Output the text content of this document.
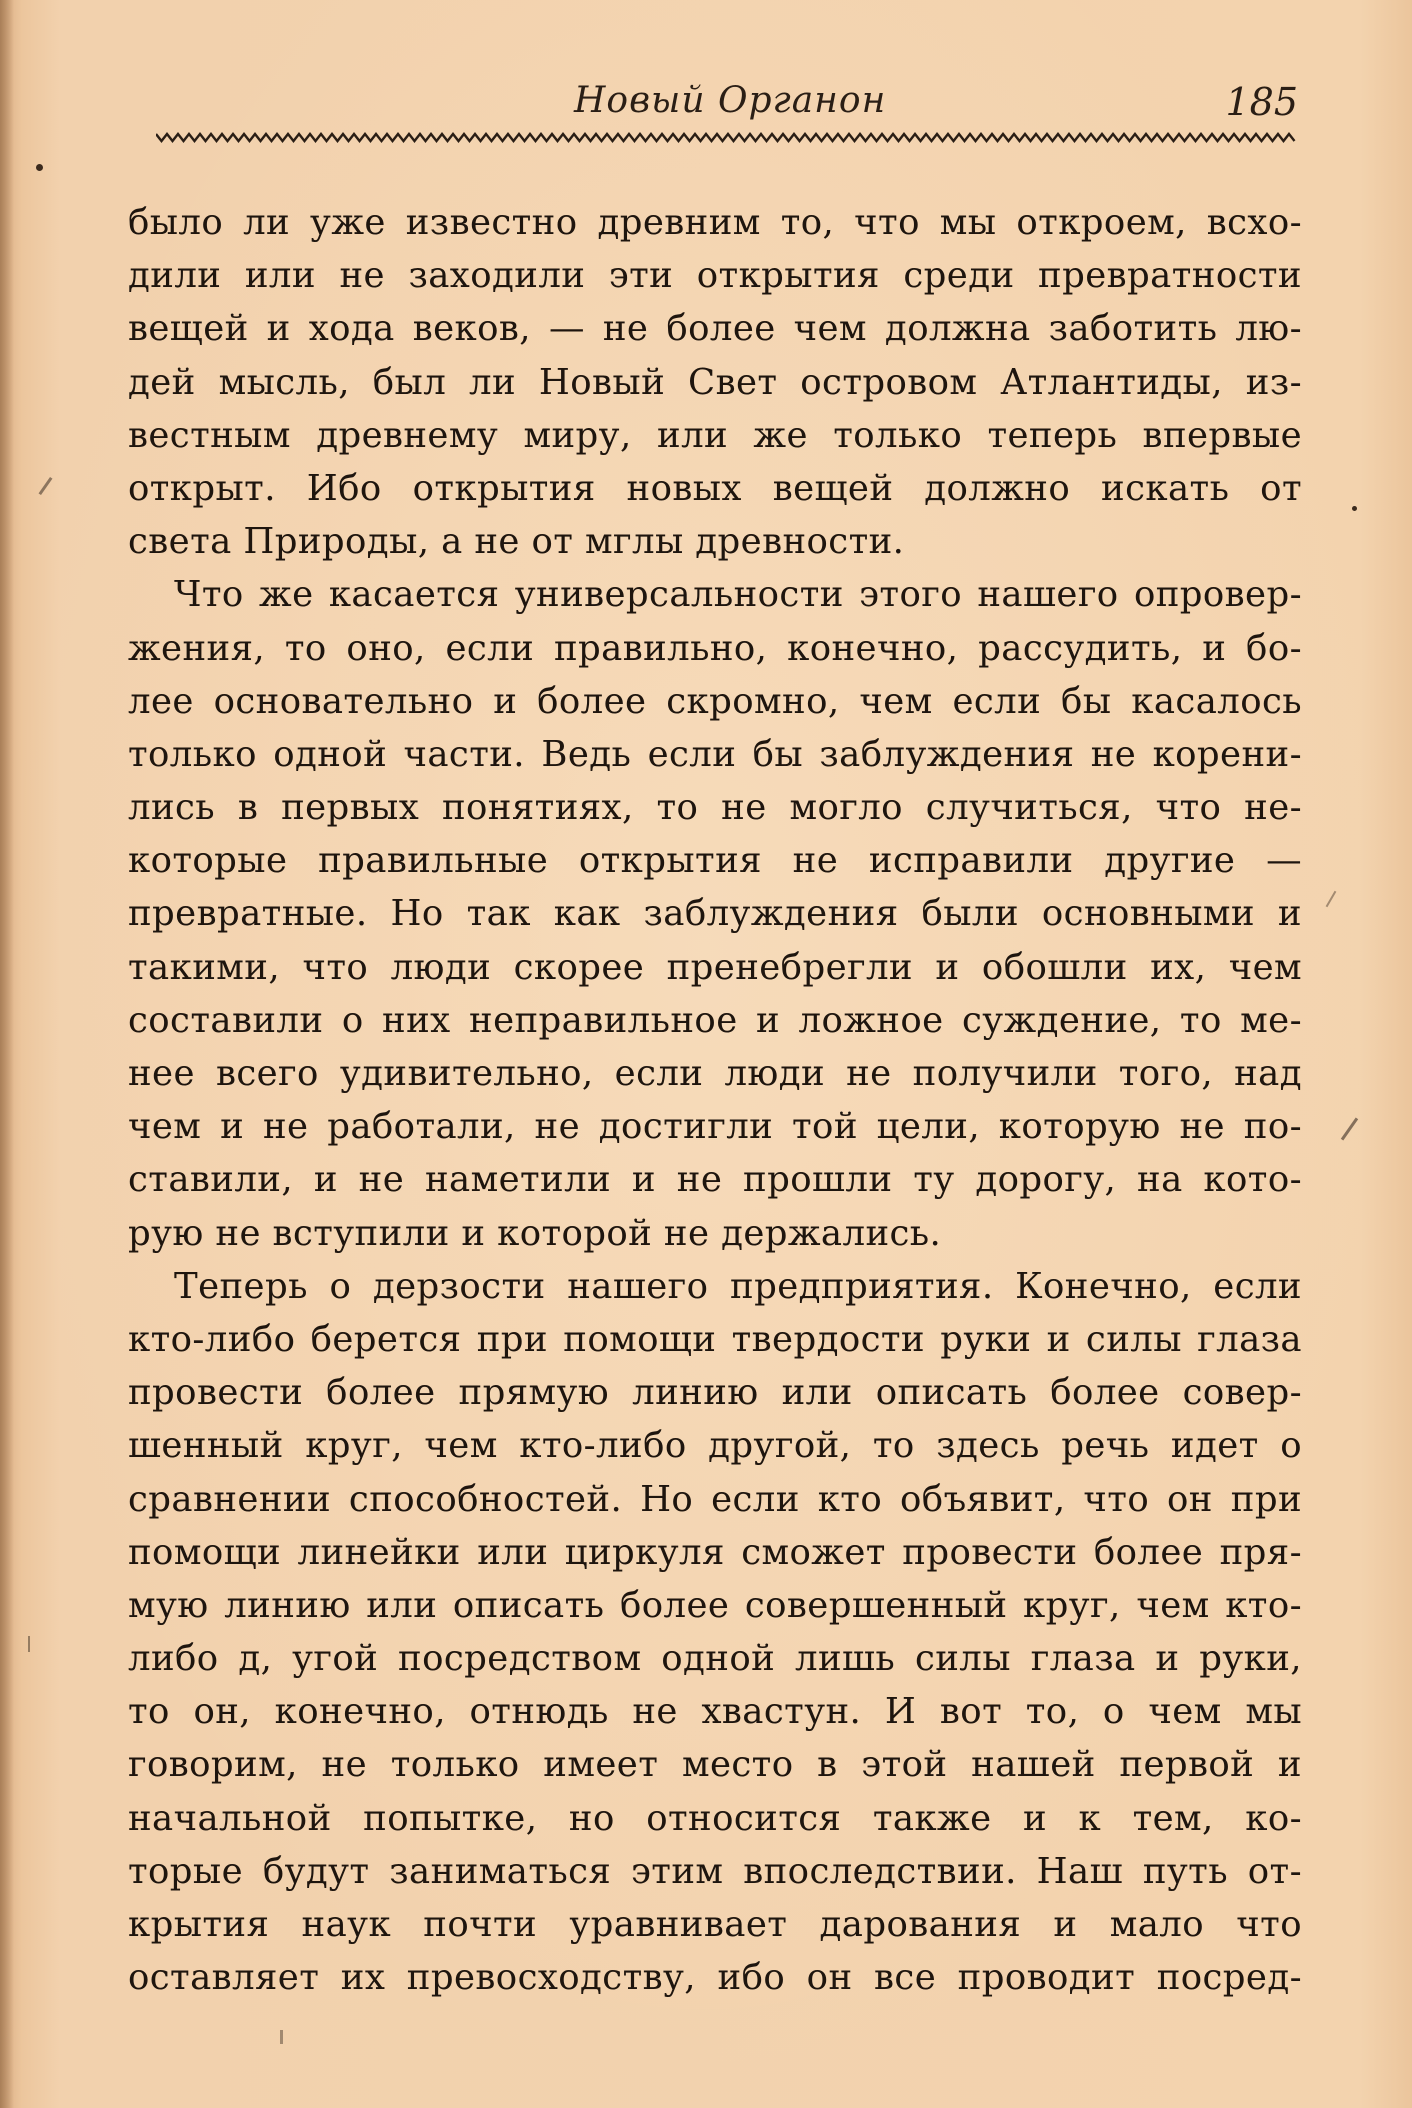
Новый Органон	185

было ли уже известно древним то, что мы откроем, всхо-
дили или не заходили эти открытия среди превратности
вещей и хода веков, — не более чем должна заботить лю-
дей мысль, был ли Новый Свет островом Атлантиды, из-
вестным древнему миру, или же только теперь впервые
открыт. Ибо открытия новых вещей должно искать от
света Природы, а не от мглы древности.

Что же касается универсальности этого нашего опровер-
жения, то оно, если правильно, конечно, рассудить, и бо-
лее основательно и более скромно, чем если бы касалось
только одной части. Ведь если бы заблуждения не корени-
лись в первых понятиях, то не могло случиться, что не-
которые правильные открытия не исправили другие —
превратные. Но так как заблуждения были основными и
такими, что люди скорее пренебрегли и обошли их, чем
составили о них неправильное и ложное суждение, то ме-
нее всего удивительно, если люди не получили того, над
чем и не работали, не достигли той цели, которую не по-
ставили, и не наметили и не прошли ту дорогу, на кото-
рую не вступили и которой не держались.

Теперь о дерзости нашего предприятия. Конечно, если
кто-либо берется при помощи твердости руки и силы глаза
провести более прямую линию или описать более совер-
шенный круг, чем кто-либо другой, то здесь речь идет о
сравнении способностей. Но если кто объявит, что он при
помощи линейки или циркуля сможет провести более пря-
мую линию или описать более совершенный круг, чем кто-
либо д, угой посредством одной лишь силы глаза и руки,
то он, конечно, отнюдь не хвастун. И вот то, о чем мы
говорим, не только имеет место в этой нашей первой и
начальной попытке, но относится также и к тем, ко-
торые будут заниматься этим впоследствии. Наш путь от-
крытия наук почти уравнивает дарования и мало что
оставляет их превосходству, ибо он все проводит посред-
